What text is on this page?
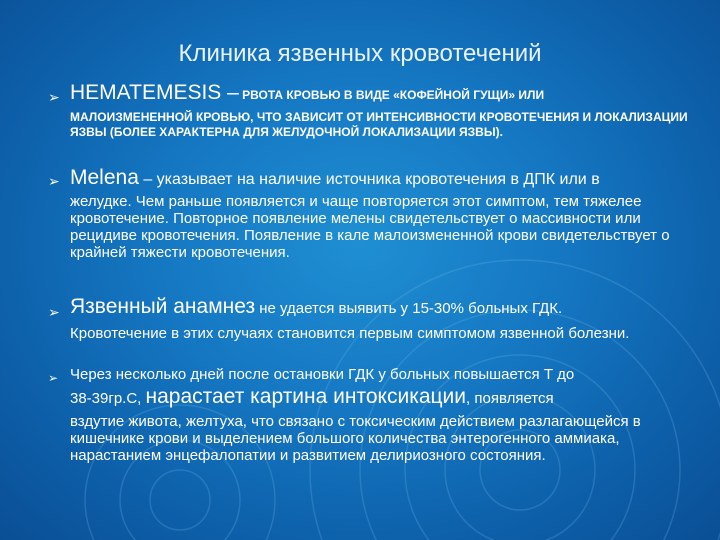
Клиника язвенных кровотечений
➢ HEMATEMESIS – РВОТА КРОВЬЮ В ВИДЕ «КОФЕЙНОЙ ГУЩИ» ИЛИ
МАЛОИЗМЕНЕННОЙ КРОВЬЮ, ЧТО ЗАВИСИТ ОТ ИНТЕНСИВНОСТИ КРОВОТЕЧЕНИЯ И ЛОКАЛИЗАЦИИ ЯЗВЫ (БОЛЕЕ ХАРАКТЕРНА ДЛЯ ЖЕЛУДОЧНОЙ ЛОКАЛИЗАЦИИ ЯЗВЫ).
➢ Melena – указывает на наличие источника кровотечения в ДПК или в
желудке. Чем раньше появляется и чаще повторяется этот симптом, тем тяжелее кровотечение. Повторное появление мелены свидетельствует о массивности или рецидиве кровотечения. Появление в кале малоизмененной крови свидетельствует о крайней тяжести кровотечения.
➢ Язвенный анамнез не удается выявить у 15-30% больных ГДК.
Кровотечение в этих случаях становится первым симптомом язвенной болезни.
➢ Через несколько дней после остановки ГДК у больных повышается Т до
38-39гр.С, нарастает картина интоксикации, появляется
вздутие живота, желтуха, что связано с токсическим действием разлагающейся в кишечнике крови и выделением большого количества энтерогенного аммиака, нарастанием энцефалопатии и развитием делириозного состояния.
